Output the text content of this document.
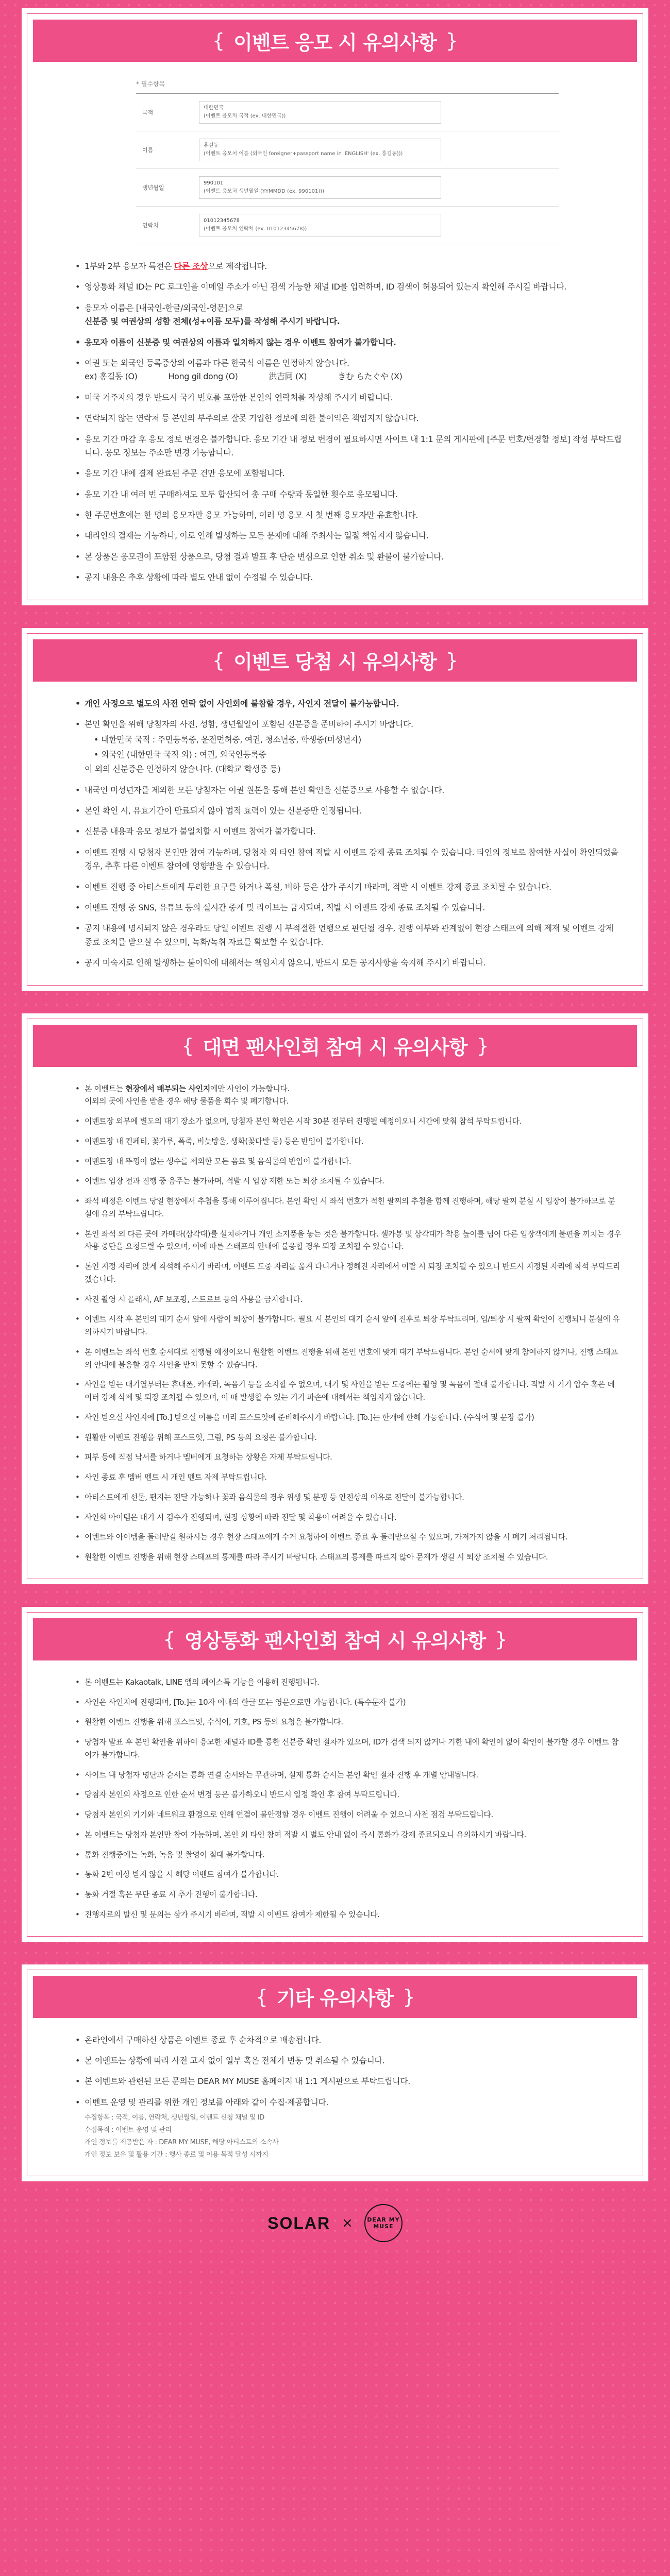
{ 이벤트 응모 시 유의사항 }
* 필수항목
국적	대한민국
(이벤트 응모처 국적 (ex. 대한민국))

이름	홍길동
(이벤트 응모처 이름 (외국인 foreigner+passport name in 'ENGLISH' (ex. 홍길동)))

생년월일	990101
(이벤트 응모처 생년월일 (YYMMDD (ex. 990101)))

연락처	01012345678
(이벤트 응모처 연락처 (ex. 01012345678))
• 1부와 2부 응모자 특전은 다른 조상으로 제작됩니다.
• 영상통화 채널 ID는 PC 로그인을 이메일 주소가 아닌 검색 가능한 채널 ID를 입력하며, ID 검색이 허용되어 있는지 확인해 주시길 바랍니다.
• 응모자 이름은 [내국인-한글/외국인-영문]으로
신분증 및 여권상의 성함 전체(성+이름 모두)를 작성해 주시기 바랍니다.
• 응모자 이름이 신분증 및 여권상의 이름과 일치하지 않는 경우 이벤트 참여가 불가합니다.
• 여권 또는 외국인 등록증상의 이름과 다른 한국식 이름은 인정하지 않습니다.
ex) 홍길동 (O)	Hong gil dong (O)	洪吉同 (X)	きむ らたぐや (X)
• 미국 거주자의 경우 반드시 국가 번호를 포함한 본인의 연락처를 작성해 주시기 바랍니다.
• 연락되지 않는 연락처 등 본인의 부주의로 잘못 기입한 정보에 의한 불이익은 책임지지 않습니다.
• 응모 기간 마감 후 응모 정보 변경은 불가합니다. 응모 기간 내 정보 변경이 필요하시면 사이트 내 1:1 문의 게시판에 [주문 번호/변경할 정보] 작성 부탁드립니다. 응모 정보는 주소만 변경 가능합니다.
• 응모 기간 내에 결제 완료된 주문 건만 응모에 포함됩니다.
• 응모 기간 내 여러 번 구매하셔도 모두 합산되어 총 구매 수량과 동일한 횟수로 응모됩니다.
• 한 주문번호에는 한 명의 응모자만 응모 가능하며, 여러 명 응모 시 첫 번째 응모자만 유효합니다.
• 대리인의 결제는 가능하나, 이로 인해 발생하는 모든 문제에 대해 주최사는 일절 책임지지 않습니다.
• 본 상품은 응모권이 포함된 상품으로, 당첨 결과 발표 후 단순 변심으로 인한 취소 및 환불이 불가합니다.
• 공지 내용은 추후 상황에 따라 별도 안내 없이 수정될 수 있습니다.
{ 이벤트 당첨 시 유의사항 }
• 개인 사정으로 별도의 사전 연락 없이 사인회에 불참할 경우, 사인지 전달이 불가능합니다.
• 본인 확인을 위해 당첨자의 사진, 성함, 생년월일이 포함된 신분증을 준비하여 주시기 바랍니다.
• 대한민국 국적 : 주민등록증, 운전면허증, 여권, 청소년증, 학생증(미성년자)
• 외국인 (대한민국 국적 외) : 여권, 외국인등록증
이 외의 신분증은 인정하지 않습니다. (대학교 학생증 등)
• 내국인 미성년자를 제외한 모든 당첨자는 여권 원본을 통해 본인 확인을 신분증으로 사용할 수 없습니다.
• 본인 확인 시, 유효기간이 만료되지 않아 법적 효력이 있는 신분증만 인정됩니다.
• 신분증 내용과 응모 정보가 불일치할 시 이벤트 참여가 불가합니다.
• 이벤트 진행 시 당첨자 본인만 참여 가능하며, 당첨자 외 타인 참여 적발 시 이벤트 강제 종료 조치될 수 있습니다. 타인의 정보로 참여한 사실이 확인되었을 경우, 추후 다른 이벤트 참여에 영향받을 수 있습니다.
• 이벤트 진행 중 아티스트에게 무리한 요구를 하거나 폭설, 비하 등은 삼가 주시기 바라며, 적발 시 이벤트 강제 종료 조치될 수 있습니다.
• 이벤트 진행 중 SNS, 유튜브 등의 실시간 중계 및 라이브는 금지되며, 적발 시 이벤트 강제 종료 조치될 수 있습니다.
• 공지 내용에 명시되지 않은 경우라도 당일 이벤트 진행 시 부적절한 언행으로 판단될 경우, 진행 여부와 관계없이 현장 스태프에 의해 제재 및 이벤트 강제 종료 조치를 받으실 수 있으며, 녹화/녹취 자료를 확보할 수 있습니다.
• 공지 미숙지로 인해 발생하는 불이익에 대해서는 책임지지 않으니, 반드시 모든 공지사항을 숙지해 주시기 바랍니다.
{ 대면 팬사인회 참여 시 유의사항 }
• 본 이벤트는 현장에서 배부되는 사인지에만 사인이 가능합니다.
이외의 곳에 사인을 받을 경우 해당 물품을 회수 및 폐기합니다.
• 이벤트장 외부에 별도의 대기 장소가 없으며, 당첨자 본인 확인은 시작 30분 전부터 진행될 예정이오니 시간에 맞춰 참석 부탁드립니다.
• 이벤트장 내 컨페티, 꽃가루, 폭죽, 비눗방울, 생화(꽃다발 등) 등은 반입이 불가합니다.
• 이벤트장 내 뚜껑이 없는 생수를 제외한 모든 음료 및 음식물의 반입이 불가합니다.
• 이벤트 입장 전과 진행 중 음주는 불가하며, 적발 시 입장 제한 또는 퇴장 조치될 수 있습니다.
• 좌석 배정은 이벤트 당일 현장에서 추첨을 통해 이루어집니다. 본인 확인 시 좌석 번호가 적힌 팔찌의 추첨을 함께 진행하며, 해당 팔찌 분실 시 입장이 불가하므로 분실에 유의 부탁드립니다.
• 본인 좌석 외 다른 곳에 카메라(삼각대)를 설치하거나 개인 소지품을 놓는 것은 불가합니다. 셀카봉 및 삼각대가 착용 높이를 넘어 다른 입장객에게 불편을 끼치는 경우 사용 중단을 요청드릴 수 있으며, 이에 따른 스태프의 안내에 불응할 경우 퇴장 조치될 수 있습니다.
• 본인 지정 자리에 앉게 착석해 주시기 바라며, 이벤트 도중 자리를 옮겨 다니거나 정해진 자리에서 이탈 시 퇴장 조치될 수 있으니 반드시 지정된 자리에 착석 부탁드리겠습니다.
• 사진 촬영 시 플래시, AF 보조광, 스트로브 등의 사용을 금지합니다.
• 이벤트 시작 후 본인의 대기 순서 앞에 사람이 퇴장이 불가합니다. 필요 시 본인의 대기 순서 앞에 진후로 퇴장 부탁드리며, 입/퇴장 시 팔찌 확인이 진행되니 분실에 유의하시기 바랍니다.
• 본 이벤트는 좌석 번호 순서대로 진행될 예정이오니 원활한 이벤트 진행을 위해 본인 번호에 맞게 대기 부탁드립니다. 본인 순서에 맞게 참여하지 않거나, 진행 스태프의 안내에 불응할 경우 사인을 받지 못할 수 있습니다.
• 사인을 받는 대기열부터는 휴대폰, 카메라, 녹음기 등을 소지할 수 없으며, 대기 및 사인을 받는 도중에는 촬영 및 녹음이 절대 불가합니다. 적발 시 기기 압수 혹은 데이터 강제 삭제 및 퇴장 조치될 수 있으며, 이 때 발생할 수 있는 기기 파손에 대해서는 책임지지 않습니다.
• 사인 받으실 사인지에 [To.] 받으실 이름을 미리 포스트잇에 준비해주시기 바랍니다. [To.]는 한개에 한해 가능합니다. (수식어 및 문장 불가)
• 원활한 이벤트 진행을 위해 포스트잇, 그림, PS 등의 요청은 불가합니다.
• 피부 등에 직접 낙서를 하거나 멤버에게 요청하는 상황은 자제 부탁드립니다.
• 사인 종료 후 멤버 멘트 시 개인 멘트 자제 부탁드립니다.
• 아티스트에게 선물, 편지는 전달 가능하나 꽃과 음식물의 경우 위생 및 분쟁 등 안전상의 이유로 전달이 불가능합니다.
• 사인회 아이템은 대기 시 검수가 진행되며, 현장 상황에 따라 전달 및 착용이 어려울 수 있습니다.
• 이벤트와 아이템을 돌려받길 원하시는 경우 현장 스태프에게 수거 요청하여 이벤트 종료 후 돌려받으실 수 있으며, 가져가지 않을 시 폐기 처리됩니다.
• 원활한 이벤트 진행을 위해 현장 스태프의 통제를 따라 주시기 바랍니다. 스태프의 통제를 따르지 않아 문제가 생길 시 퇴장 조치될 수 있습니다.
{ 영상통화 팬사인회 참여 시 유의사항 }
• 본 이벤트는 Kakaotalk, LINE 앱의 페이스톡 기능을 이용해 진행됩니다.
• 사인은 사인지에 진행되며, [To.]는 10자 이내의 한글 또는 영문으로만 가능합니다. (특수문자 불가)
• 원활한 이벤트 진행을 위해 포스트잇, 수식어, 기호, PS 등의 요청은 불가합니다.
• 당첨자 발표 후 본인 확인을 위하여 응모한 채널과 ID를 통한 신분증 확인 절차가 있으며, ID가 검색 되지 않거나 기한 내에 확인이 없어 확인이 불가할 경우 이벤트 참여가 불가합니다.
• 사이트 내 당첨자 명단과 순서는 통화 연결 순서와는 무관하며, 실제 통화 순서는 본인 확인 절차 진행 후 개별 안내됩니다.
• 당첨자 본인의 사정으로 인한 순서 변경 등은 불가하오니 반드시 일정 확인 후 참여 부탁드립니다.
• 당첨자 본인의 기기와 네트워크 환경으로 인해 연결이 불안정할 경우 이벤트 진행이 어려울 수 있으니 사전 점검 부탁드립니다.
• 본 이벤트는 당첨자 본인만 참여 가능하며, 본인 외 타인 참여 적발 시 별도 안내 없이 즉시 통화가 강제 종료되오니 유의하시기 바랍니다.
• 통화 진행중에는 녹화, 녹음 및 촬영이 절대 불가합니다.
• 통화 2번 이상 받지 않을 시 해당 이벤트 참여가 불가합니다.
• 통화 거절 혹은 무단 종료 시 추가 진행이 불가합니다.
• 진행자로의 발신 및 문의는 삼가 주시기 바라며, 적발 시 이벤트 참여가 제한될 수 있습니다.
{ 기타 유의사항 }
• 온라인에서 구매하신 상품은 이벤트 종료 후 순차적으로 배송됩니다.
• 본 이벤트는 상황에 따라 사전 고지 없이 일부 혹은 전체가 변동 및 취소될 수 있습니다.
• 본 이벤트와 관련된 모든 문의는 DEAR MY MUSE 홈페이지 내 1:1 게시판으로 부탁드립니다.
• 이벤트 운영 및 관리를 위한 개인 정보를 아래와 같이 수집·제공합니다.
수집항목 : 국적, 이름, 연락처, 생년월일, 이벤트 신청 채널 및 ID
수집목적 : 이벤트 운영 및 관리
개인 정보를 제공받은 자 : DEAR MY MUSE, 해당 아티스트의 소속사
개인 정보 보유 및 활용 기간 : 행사 종료 및 이용 목적 달성 시까지
SOLAR ×	DEAR MY MUSE
